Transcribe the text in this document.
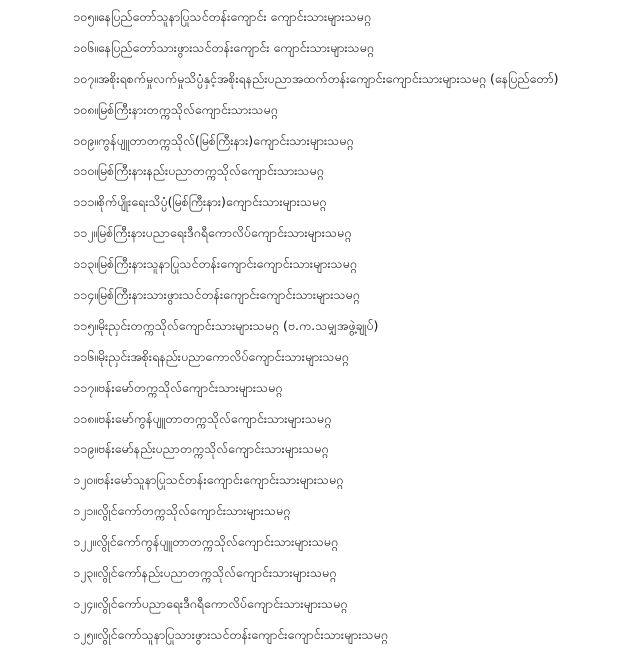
၁၀၅။နေပြည်တော်သူနာပြုသင်တန်းကျောင်း ကျောင်းသားများသမဂ္ဂ
၁၀၆။နေပြည်တော်သားဖွားသင်တန်းကျောင်း ကျောင်းသားများသမဂ္ဂ
၁၀၇။အစိုးရစက်မှုလက်မှုသိပ္ပံနှင့်အစိုးရနည်းပညာအထက်တန်းကျောင်းကျောင်းသားများသမဂ္ဂ (နေပြည်တော်)
၁၀၈။မြစ်ကြီးနားတက္ကသိုလ်ကျောင်းသားသမဂ္ဂ
၁၀၉။ကွန်ပျူတာတက္ကသိုလ်(မြစ်ကြီးနား)ကျောင်းသားများသမဂ္ဂ
၁၁၀။မြစ်ကြီးနားနည်းပညာတက္ကသိုလ်ကျောင်းသားသမဂ္ဂ
၁၁၁။စိုက်ပျိုးရေးသိပ္ပံ(မြစ်ကြီးနား)ကျောင်းသားများသမဂ္ဂ
၁၁၂။မြစ်ကြီးနားပညာရေးဒီဂရီကောလိပ်ကျောင်းသားများသမဂ္ဂ
၁၁၃။မြစ်ကြီးနားသူနာပြုသင်တန်းကျောင်းကျောင်းသားများသမဂ္ဂ
၁၁၄။မြစ်ကြီးနားသားဖွားသင်တန်းကျောင်းကျောင်းသားများသမဂ္ဂ
၁၁၅။မိုးညှင်းတက္ကသိုလ်ကျောင်းသားများသမဂ္ဂ (ဗ.က.သမျှအဖွဲ့ချုပ်)
၁၁၆။မိုးညှင်းအစိုးရနည်းပညာကောလိပ်ကျောင်းသားများသမဂ္ဂ
၁၁၇။ဗန်းမော်တက္ကသိုလ်ကျောင်းသားများသမဂ္ဂ
၁၁၈။ဗန်းမော်ကွန်ပျူတာတက္ကသိုလ်ကျောင်းသားများသမဂ္ဂ
၁၁၉။ဗန်းမော်နည်းပညာတက္ကသိုလ်ကျောင်းသားများသမဂ္ဂ
၁၂၀။ဗန်းမော်သူနာပြုသင်တန်းကျောင်းကျောင်းသားများသမဂ္ဂ
၁၂၁။လွိုင်ကော်တက္ကသိုလ်ကျောင်းသားများသမဂ္ဂ
၁၂၂။လွိုင်ကော်ကွန်ပျူတာတက္ကသိုလ်ကျောင်းသားများသမဂ္ဂ
၁၂၃။လွိုင်ကော်နည်းပညာတက္ကသိုလ်ကျောင်းသားများသမဂ္ဂ
၁၂၄။လွိုင်ကော်ပညာရေးဒီဂရီကောလိပ်ကျောင်းသားများသမဂ္ဂ
၁၂၅။လွိုင်ကော်သူနာပြုသားဖွားသင်တန်းကျောင်းကျောင်းသားများသမဂ္ဂ
